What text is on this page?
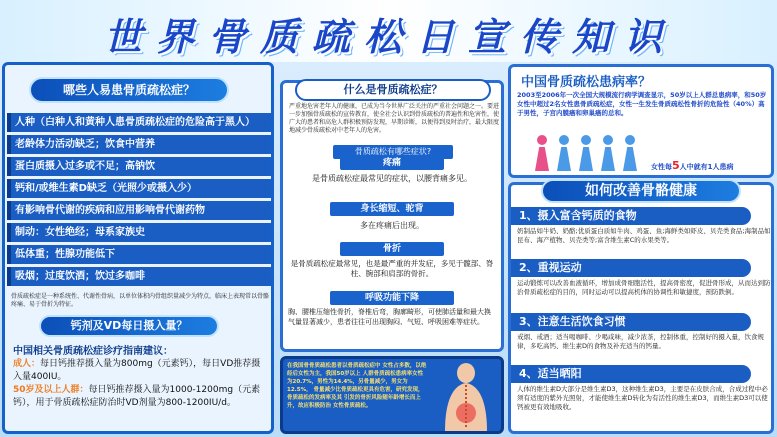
世界骨质疏松日宣传知识
哪些人易患骨质疏松症？
人种（白种人和黄种人患骨质疏松症的危险高于黑人）
老龄体力活动缺乏；饮食中营养
蛋白质摄入过多或不足；高钠饮
钙和/或维生素D缺乏（光照少或摄入少）
有影响骨代谢的疾病和应用影响骨代谢药物
制动：女性绝经；母系家族史
低体重；性腺功能低下
吸烟；过度饮酒；饮过多咖啡
骨质疏松症是一种系统性、代谢性骨病，以单位体积内骨组织量减少为特点，临床上表现常以骨骼疼痛、易于骨折为特征。
钙剂及VD每日摄入量？
中国相关骨质疏松症诊疗指南建议：
成人：每日钙推荐摄入量为800mg（元素钙），每日VD推荐摄入量400IU。
50岁及以上人群：每日钙推荐摄入量为1000-1200mg（元素钙），用于骨质疏松症防治时VD剂量为800-1200IU/d。
什么是骨质疏松症？
严重地危害老年人的健康，已成为当今世界广泛关注的严重社会问题之一。要进一步加强骨质疏松的宣传教育，使全社会认识到骨质疏松的普遍性和危害性，使广大的患者和高危人群积极预防发现，早期诊断，以便得到及时治疗，最大限度地减少骨质疏松对中老年人的危害。
骨质疏松有哪些症状?
疼痛
是骨质疏松症最常见的症状，以腰背痛多见。
身长缩短、驼背
多在疼痛后出现。
骨折
是骨质疏松症最常见，也是最严重的并发症，多见于髋部、脊柱、腕部和肩部的骨折。
呼吸功能下降
胸、腰椎压缩性骨折，脊椎后弯，胸廓畸形，可使肺活量和最大换气量显著减少，患者往往可出现胸闷、气短、呼吸困难等症状。
在我国骨骨质疏松患者以骨质疏松症中 女性占多数，以绝经后女性为主，我国50岁以上 人群骨质疏松患病率女性为20.7%，男性为14.4%，另骨量减少，男女为12.5%， 骨量减少比骨质疏松更具有危害，研究发现，骨质疏松的发病率及其 引发的骨折风险随年龄增长而上升，故应积极防治 女性骨质疏松。
中国骨质疏松患病率？
2003至2006年一次全国大规模流行病学调查显示，50岁以上人群总患病率，和50岁女性中超过2名女性患骨质疏松症，女性一生发生骨质疏松性骨折的危险性（40%）高于男性，子宫内膜癌和卵巢癌的总和。
女性每5人中就有1人患病
如何改善骨骼健康
1、摄入富含钙质的食物
奶制品如牛奶、奶酪;优质蛋白质如牛肉、鸡蛋、鱼;海鲜类如虾皮、贝壳类食品;海制品如昆布、海产植物、贝壳类等;富含维生素C的水果类等。
2、重视运动
运动锻炼可以改善血液循环，增加成骨细胞活性，提高骨密度，促进骨形成，从而达到防治骨质疏松症的目的，同时运动可以提高机体的协调性和敏捷度，预防跌倒。
3、注意生活饮食习惯
戒烟、戒酒；适当喝咖啡、少喝咸味，减少浓茶，控制体重，控制好的摄入量，饮食规律，多吃高钙、维生素D的食物及补充适当的钙量。
4、适当晒阳
人体的维生素D大部分是维生素D3，这种维生素D3，主要是在皮肤合成，合成过程中必须有适度的紫外光照射，才能使维生素D转化为有活性的维生素D3，而维生素D3可以使钙被更有效地吸收。
